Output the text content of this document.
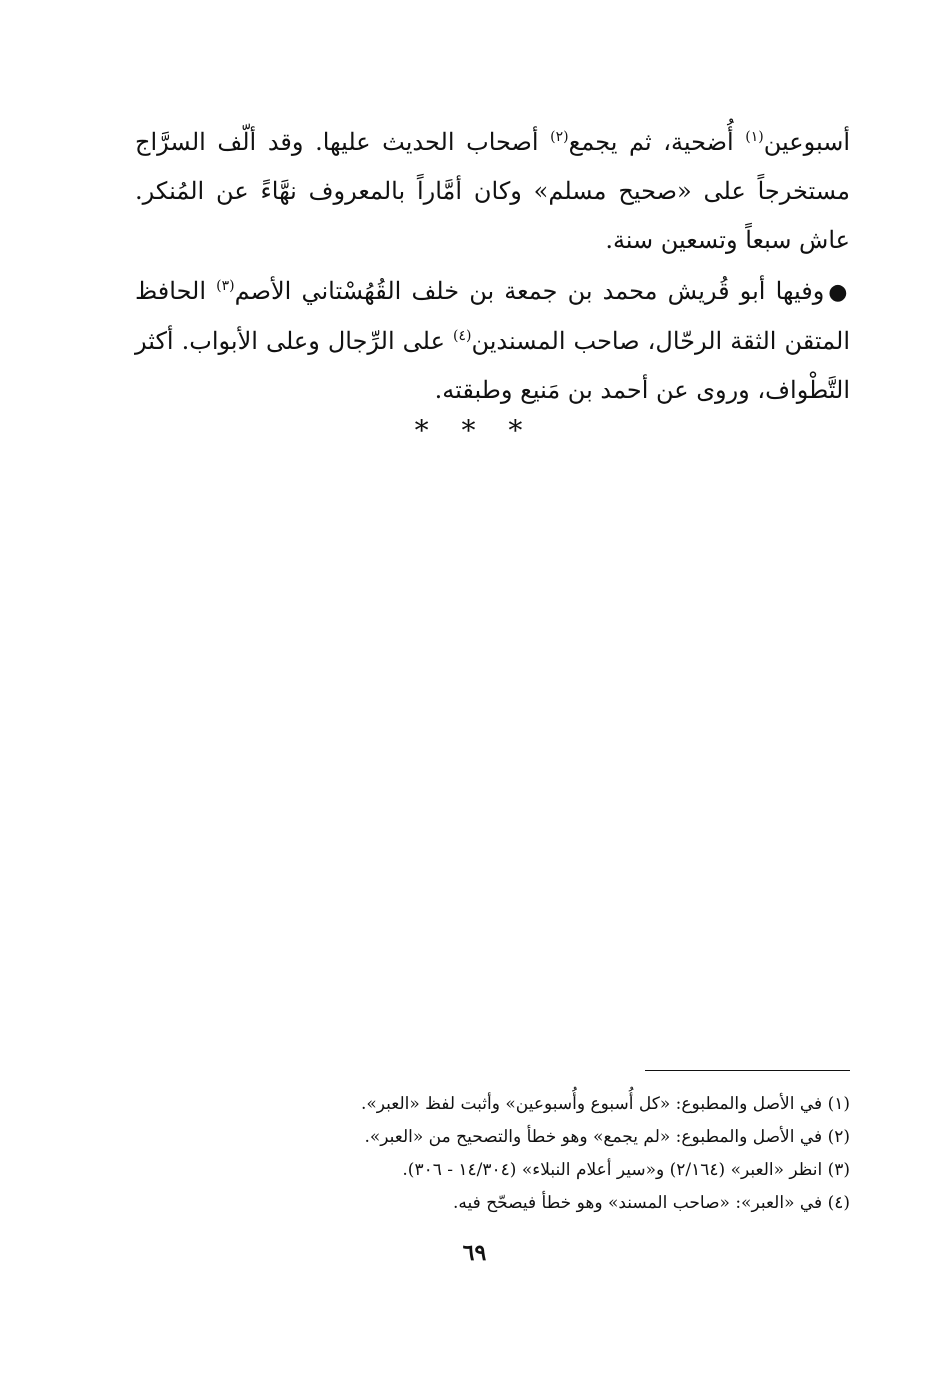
أسبوعين$^{(١)}$ أُضحية، ثم يجمع$^{(٢)}$ أصحاب الحديث عليها. وقد ألّف السرَّاج مستخرجاً على «صحيح مسلم» وكان أمَّاراً بالمعروف نهَّاءً عن المُنكر. عاش سبعاً وتسعين سنة.

●وفيها أبو قُريش محمد بن جمعة بن خلف القُهُسْتاني الأصم$^{(٣)}$ الحافظ المتقن الثقة الرحّال، صاحب المسندين$^{(٤)}$ على الرِّجال وعلى الأبواب. أكثر التَّطْواف، وروى عن أحمد بن مَنيع وطبقته.

* * *
(١) في الأصل والمطبوع: «كل أُسبوع وأُسبوعين» وأثبت لفظ «العبر».
(٢) في الأصل والمطبوع: «لم يجمع» وهو خطأ والتصحيح من «العبر».
(٣) انظر «العبر» (٢/١٦٤) و«سير أعلام النبلاء» (١٤/٣٠٤ - ٣٠٦).
(٤) في «العبر»: «صاحب المسند» وهو خطأ فيصحّح فيه.
٦٩
